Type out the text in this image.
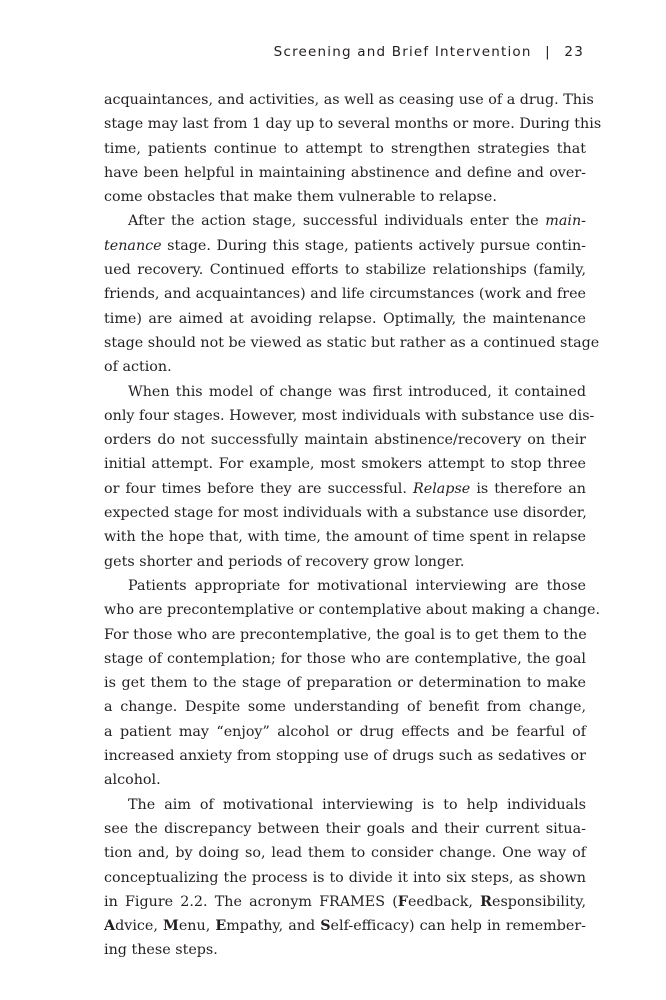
Screening and Brief Intervention | 23
acquaintances, and activities, as well as ceasing use of a drug. This
stage may last from 1 day up to several months or more. During this
time, patients continue to attempt to strengthen strategies that
have been helpful in maintaining abstinence and define and over-
come obstacles that make them vulnerable to relapse.
After the action stage, successful individuals enter the main-
tenance stage. During this stage, patients actively pursue contin-
ued recovery. Continued efforts to stabilize relationships (family,
friends, and acquaintances) and life circumstances (work and free
time) are aimed at avoiding relapse. Optimally, the maintenance
stage should not be viewed as static but rather as a continued stage
of action.
When this model of change was first introduced, it contained
only four stages. However, most individuals with substance use dis-
orders do not successfully maintain abstinence/recovery on their
initial attempt. For example, most smokers attempt to stop three
or four times before they are successful. Relapse is therefore an
expected stage for most individuals with a substance use disorder,
with the hope that, with time, the amount of time spent in relapse
gets shorter and periods of recovery grow longer.
Patients appropriate for motivational interviewing are those
who are precontemplative or contemplative about making a change.
For those who are precontemplative, the goal is to get them to the
stage of contemplation; for those who are contemplative, the goal
is get them to the stage of preparation or determination to make
a change. Despite some understanding of benefit from change,
a patient may “enjoy” alcohol or drug effects and be fearful of
increased anxiety from stopping use of drugs such as sedatives or
alcohol.
The aim of motivational interviewing is to help individuals
see the discrepancy between their goals and their current situa-
tion and, by doing so, lead them to consider change. One way of
conceptualizing the process is to divide it into six steps, as shown
in Figure 2.2. The acronym FRAMES (Feedback, Responsibility,
Advice, Menu, Empathy, and Self-efficacy) can help in remember-
ing these steps.
